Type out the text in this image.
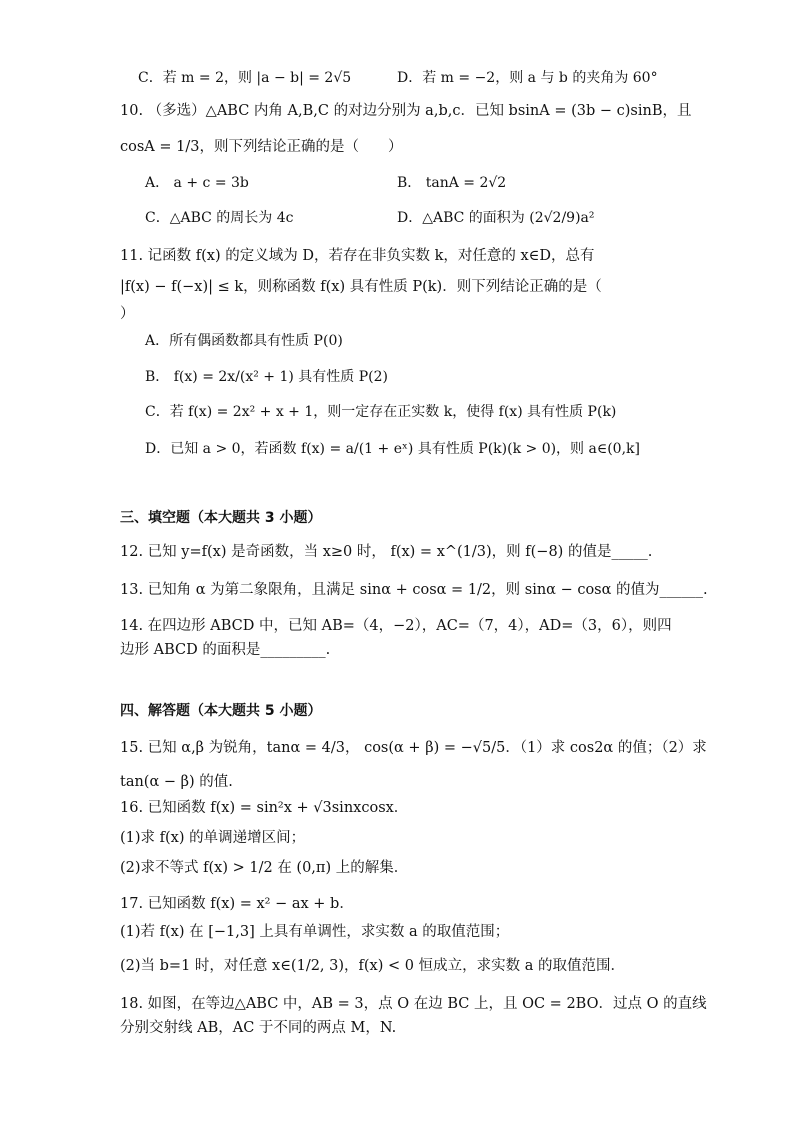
C．若 m = 2，则 |a − b| = 2√5	D．若 m = −2，则 a 与 b 的夹角为 60°
10. （多选）△ABC 内角 A,B,C 的对边分别为 a,b,c．已知 bsinA = (3b − c)sinB，且
cosA = 1/3，则下列结论正确的是（　　）
A． a + c = 3b	B． tanA = 2√2
C．△ABC 的周长为 4c	D．△ABC 的面积为 (2√2/9)a²
11. 记函数 f(x) 的定义域为 D，若存在非负实数 k，对任意的 x∈D，总有
|f(x) − f(−x)| ≤ k，则称函数 f(x) 具有性质 P(k)．则下列结论正确的是（
）
A．所有偶函数都具有性质 P(0)
B． f(x) = 2x/(x² + 1) 具有性质 P(2)
C．若 f(x) = 2x² + x + 1，则一定存在正实数 k，使得 f(x) 具有性质 P(k)
D．已知 a > 0，若函数 f(x) = a/(1 + eˣ) 具有性质 P(k)(k > 0)，则 a∈(0,k]
三、填空题（本大题共 3 小题）
12. 已知 y=f(x) 是奇函数，当 x≥0 时， f(x) = x^(1/3)，则 f(−8) 的值是_____.
13. 已知角 α 为第二象限角，且满足 sinα + cosα = 1/2，则 sinα − cosα 的值为______.
14. 在四边形 ABCD 中，已知 AB=（4，−2），AC=（7，4），AD=（3，6），则四
边形 ABCD 的面积是_________.
四、解答题（本大题共 5 小题）
15. 已知 α,β 为锐角，tanα = 4/3， cos(α + β) = −√5/5．（1）求 cos2α 的值；（2）求
tan(α − β) 的值.
16. 已知函数 f(x) = sin²x + √3sinxcosx．
(1)求 f(x) 的单调递增区间；
(2)求不等式 f(x) > 1/2 在 (0,π) 上的解集．
17. 已知函数 f(x) = x² − ax + b．
(1)若 f(x) 在 [−1,3] 上具有单调性，求实数 a 的取值范围；
(2)当 b=1 时，对任意 x∈(1/2, 3)，f(x) < 0 恒成立，求实数 a 的取值范围．
18. 如图，在等边△ABC 中，AB = 3，点 O 在边 BC 上，且 OC = 2BO．过点 O 的直线
分别交射线 AB，AC 于不同的两点 M，N.
